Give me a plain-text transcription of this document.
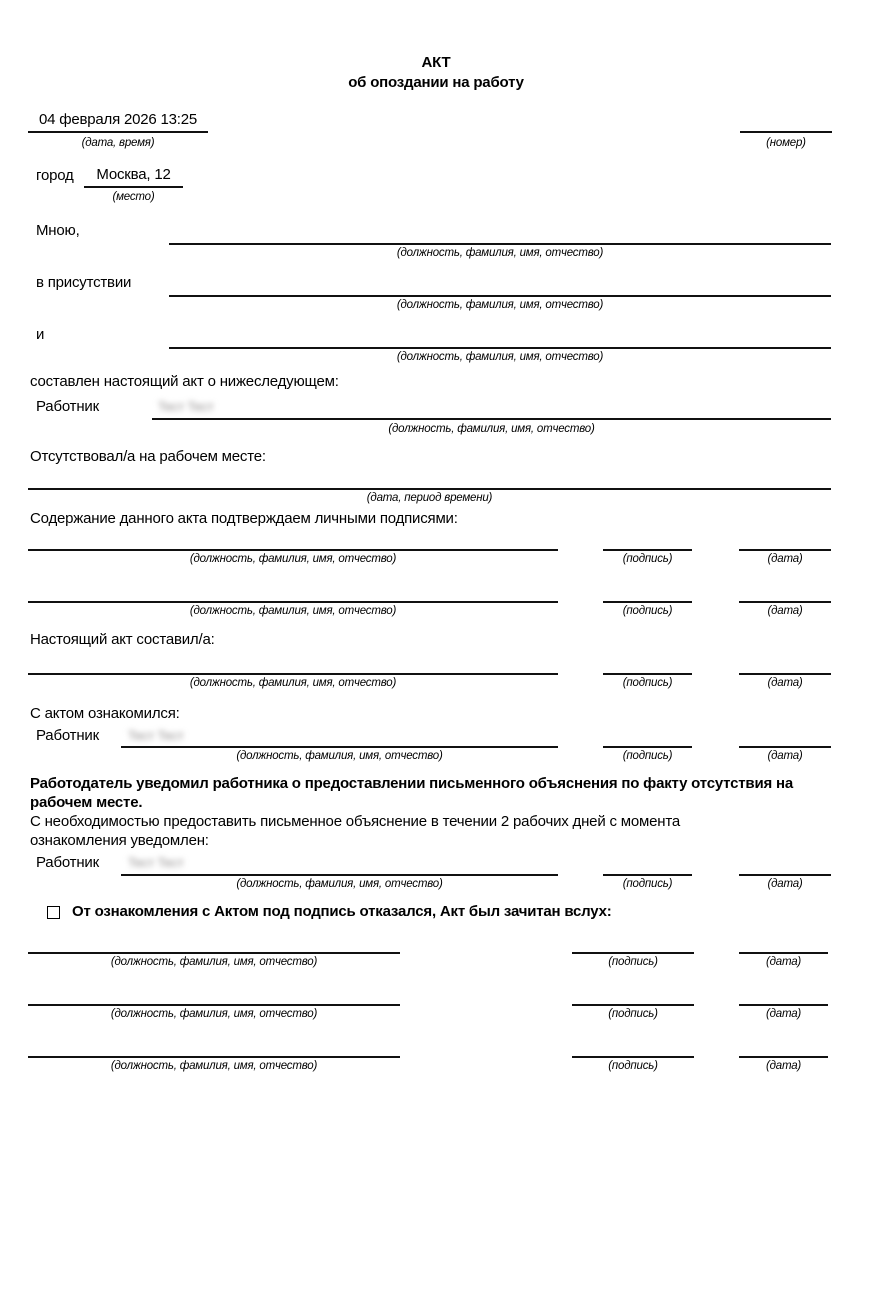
АКТ
об опоздании на работу
04 февраля 2026 13:25
(дата, время)	(номер)
город	Москва, 12
(место)
Мною,
(должность, фамилия, имя, отчество)
в присутствии
(должность, фамилия, имя, отчество)
и
(должность, фамилия, имя, отчество)
составлен настоящий акт о нижеследующем:
Работник	Тест Тест
(должность, фамилия, имя, отчество)
Отсутствовал/а на рабочем месте:
(дата, период времени)
Содержание данного акта подтверждаем личными подписями:
(должность, фамилия, имя, отчество)	(подпись)	(дата)
(должность, фамилия, имя, отчество)	(подпись)	(дата)
Настоящий акт составил/а:
(должность, фамилия, имя, отчество)	(подпись)	(дата)
С актом ознакомился:
Работник Тест Тест
(должность, фамилия, имя, отчество)	(подпись)	(дата)
Работодатель уведомил работника о предоставлении письменного объяснения по факту отсутствия на
рабочем месте.
С необходимостью предоставить письменное объяснение в течении 2 рабочих дней с момента
ознакомления уведомлен:
Работник Тест Тест
(должность, фамилия, имя, отчество)	(подпись)	(дата)
От ознакомления с Актом под подпись отказался, Акт был зачитан вслух:
(должность, фамилия, имя, отчество)	(подпись)	(дата)
(должность, фамилия, имя, отчество)	(подпись)	(дата)
(должность, фамилия, имя, отчество)	(подпись)	(дата)
